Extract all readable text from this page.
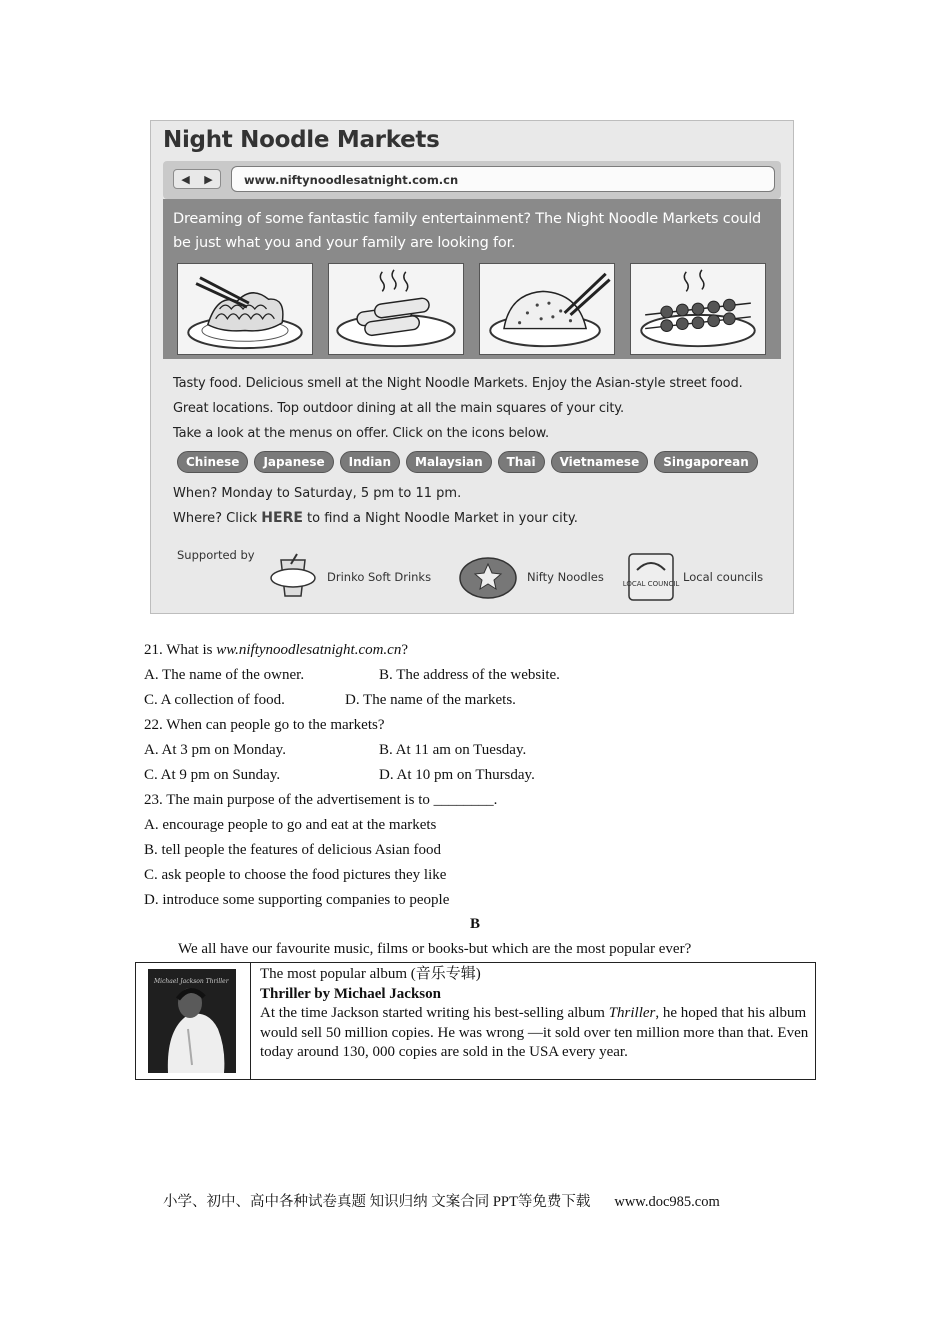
Night Noodle Markets
◀ ▶	www.niftynoodlesatnight.com.cn
Dreaming of some fantastic family entertainment? The Night Noodle Markets could
be just what you and your family are looking for.
Tasty food. Delicious smell at the Night Noodle Markets. Enjoy the Asian-style street food.
Great locations. Top outdoor dining at all the main squares of your city.
Take a look at the menus on offer. Click on the icons below.
Chinese	Japanese	Indian	Malaysian	Thai	Vietnamese	Singaporean
When? Monday to Saturday, 5 pm to 11 pm.
Where? Click HERE to find a Night Noodle Market in your city.
Supported by
Drinko Soft Drinks	Nifty Noodles	LOCAL COUNCIL Local councils
21. What is ww.niftynoodlesatnight.com.cn?
A. The name of the owner.	B. The address of the website.
C. A collection of food.	D. The name of the markets.
22. When can people go to the markets?
A. At 3 pm on Monday.	B. At 11 am on Tuesday.
C. At 9 pm on Sunday.	D. At 10 pm on Thursday.
23. The main purpose of the advertisement is to ________.
A. encourage people to go and eat at the markets
B. tell people the features of delicious Asian food
C. ask people to choose the food pictures they like
D. introduce some supporting companies to people
B
We all have our favourite music, films or books-but which are the most popular ever?
Michael Jackson Thriller The most popular album (音乐专辑)
Thriller by Michael Jackson
At the time Jackson started writing his best-selling album Thriller, he hoped that his album would sell 50 million copies. He was wrong —it sold over ten million more than that. Even today around 130, 000 copies are sold in the USA every year.
小学、初中、高中各种试卷真题 知识归纳 文案合同 PPT等免费下载 www.doc985.com
